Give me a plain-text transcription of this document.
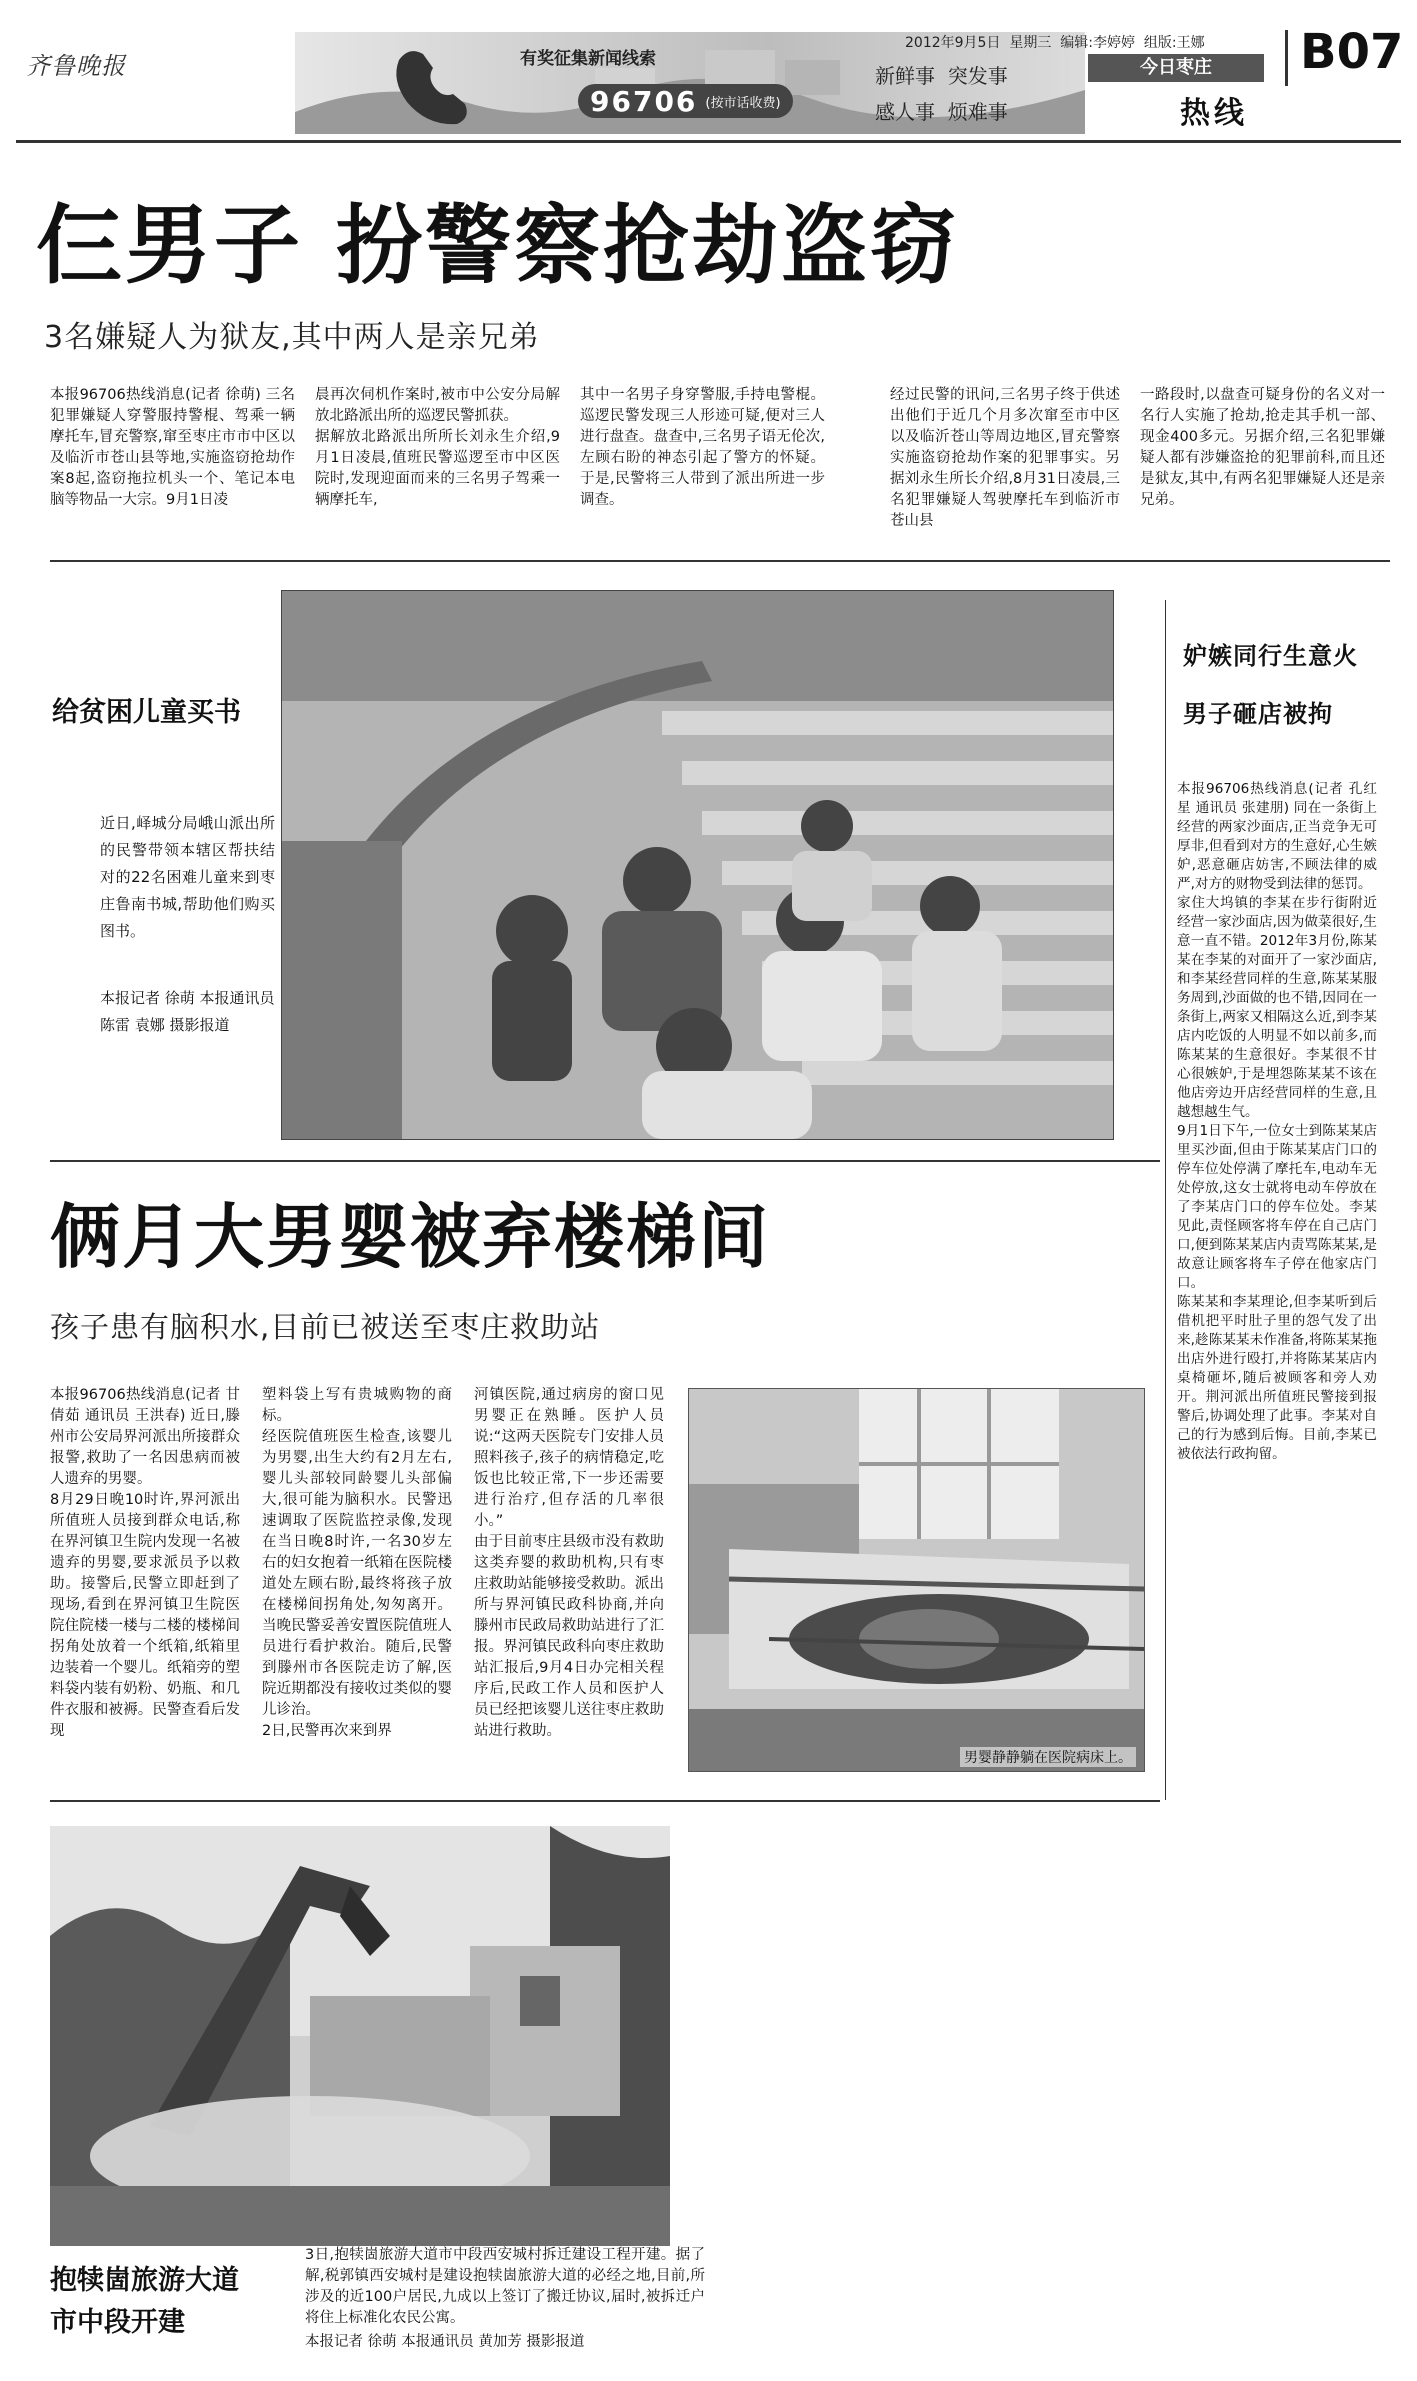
齐鲁晚报	有奖征集新闻线索
96706 (按市话收费)
新鲜事  突发事
感人事  烦难事
2012年9月5日  星期三  编辑:李婷婷  组版:王娜
今日枣庄
热线
B07
仨男子 扮警察抢劫盗窃
3名嫌疑人为狱友,其中两人是亲兄弟

本报96706热线消息(记者 徐萌) 三名犯罪嫌疑人穿警服持警棍、驾乘一辆摩托车,冒充警察,窜至枣庄市市中区以及临沂市苍山县等地,实施盗窃抢劫作案8起,盗窃拖拉机头一个、笔记本电脑等物品一大宗。9月1日凌

晨再次伺机作案时,被市中公安分局解放北路派出所的巡逻民警抓获。
据解放北路派出所所长刘永生介绍,9月1日凌晨,值班民警巡逻至市中区医院时,发现迎面而来的三名男子驾乘一辆摩托车,

其中一名男子身穿警服,手持电警棍。巡逻民警发现三人形迹可疑,便对三人进行盘查。盘查中,三名男子语无伦次,左顾右盼的神态引起了警方的怀疑。于是,民警将三人带到了派出所进一步调查。

经过民警的讯问,三名男子终于供述出他们于近几个月多次窜至市中区以及临沂苍山等周边地区,冒充警察实施盗窃抢劫作案的犯罪事实。另据刘永生所长介绍,8月31日凌晨,三名犯罪嫌疑人驾驶摩托车到临沂市苍山县

一路段时,以盘查可疑身份的名义对一名行人实施了抢劫,抢走其手机一部、现金400多元。另据介绍,三名犯罪嫌疑人都有涉嫌盗抢的犯罪前科,而且还是狱友,其中,有两名犯罪嫌疑人还是亲兄弟。

给贫困儿童买书

近日,峄城分局峨山派出所的民警带领本辖区帮扶结对的22名困难儿童来到枣庄鲁南书城,帮助他们购买图书。

本报记者 徐萌 本报通讯员 陈雷 袁娜 摄影报道

妒嫉同行生意火
男子砸店被拘

本报96706热线消息(记者 孔红星 通讯员 张建朋) 同在一条街上经营的两家沙面店,正当竞争无可厚非,但看到对方的生意好,心生嫉妒,恶意砸店妨害,不顾法律的威严,对方的财物受到法律的惩罚。
家住大坞镇的李某在步行街附近经营一家沙面店,因为做菜很好,生意一直不错。2012年3月份,陈某某在李某的对面开了一家沙面店,和李某经营同样的生意,陈某某服务周到,沙面做的也不错,因同在一条街上,两家又相隔这么近,到李某店内吃饭的人明显不如以前多,而陈某某的生意很好。李某很不甘心很嫉妒,于是埋怨陈某某不该在他店旁边开店经营同样的生意,且越想越生气。
9月1日下午,一位女士到陈某某店里买沙面,但由于陈某某店门口的停车位处停满了摩托车,电动车无处停放,这女士就将电动车停放在了李某店门口的停车位处。李某见此,责怪顾客将车停在自己店门口,便到陈某某店内责骂陈某某,是故意让顾客将车子停在他家店门口。
陈某某和李某理论,但李某听到后借机把平时肚子里的怨气发了出来,趁陈某某未作准备,将陈某某拖出店外进行殴打,并将陈某某店内桌椅砸坏,随后被顾客和旁人劝开。荆河派出所值班民警接到报警后,协调处理了此事。李某对自己的行为感到后悔。目前,李某已被依法行政拘留。

俩月大男婴被弃楼梯间
孩子患有脑积水,目前已被送至枣庄救助站

本报96706热线消息(记者 甘倩茹 通讯员 王洪春) 近日,滕州市公安局界河派出所接群众报警,救助了一名因患病而被人遗弃的男婴。
8月29日晚10时许,界河派出所值班人员接到群众电话,称在界河镇卫生院内发现一名被遗弃的男婴,要求派员予以救助。接警后,民警立即赶到了现场,看到在界河镇卫生院医院住院楼一楼与二楼的楼梯间拐角处放着一个纸箱,纸箱里边装着一个婴儿。纸箱旁的塑料袋内装有奶粉、奶瓶、和几件衣服和被褥。民警查看后发现

塑料袋上写有贵城购物的商标。
经医院值班医生检查,该婴儿为男婴,出生大约有2月左右,婴儿头部较同龄婴儿头部偏大,很可能为脑积水。民警迅速调取了医院监控录像,发现在当日晚8时许,一名30岁左右的妇女抱着一纸箱在医院楼道处左顾右盼,最终将孩子放在楼梯间拐角处,匆匆离开。当晚民警妥善安置医院值班人员进行看护救治。随后,民警到滕州市各医院走访了解,医院近期都没有接收过类似的婴儿诊治。
2日,民警再次来到界

河镇医院,通过病房的窗口见男婴正在熟睡。医护人员说:“这两天医院专门安排人员照料孩子,孩子的病情稳定,吃饭也比较正常,下一步还需要进行治疗,但存活的几率很小。”
由于目前枣庄县级市没有救助这类弃婴的救助机构,只有枣庄救助站能够接受救助。派出所与界河镇民政科协商,并向滕州市民政局救助站进行了汇报。界河镇民政科向枣庄救助站汇报后,9月4日办完相关程序后,民政工作人员和医护人员已经把该婴儿送往枣庄救助站进行救助。

男婴静静躺在医院病床上。
抱犊崮旅游大道
市中段开建

3日,抱犊崮旅游大道市中段西安城村拆迁建设工程开建。据了解,税郭镇西安城村是建设抱犊崮旅游大道的必经之地,目前,所涉及的近100户居民,九成以上签订了搬迁协议,届时,被拆迁户将住上标准化农民公寓。

本报记者 徐萌 本报通讯员 黄加芳 摄影报道
